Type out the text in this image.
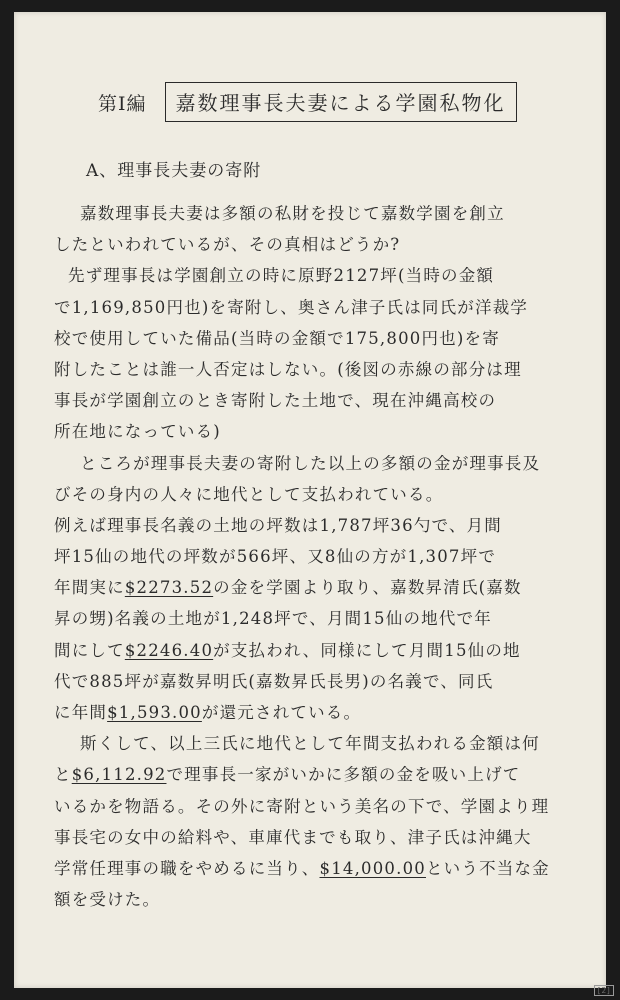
第Ⅰ編	嘉数理事長夫妻による学園私物化
A、理事長夫妻の寄附
嘉数理事長夫妻は多額の私財を投じて嘉数学園を創立
したといわれているが、その真相はどうか?
先ず理事長は学園創立の時に原野2127坪(当時の金額
で1,169,850円也)を寄附し、奥さん津子氏は同氏が洋裁学
校で使用していた備品(当時の金額で175,800円也)を寄
附したことは誰一人否定はしない。(後図の赤線の部分は理
事長が学園創立のとき寄附した土地で、現在沖縄高校の
所在地になっている)
ところが理事長夫妻の寄附した以上の多額の金が理事長及
びその身内の人々に地代として支払われている。
例えば理事長名義の土地の坪数は1,787坪36勺で、月間
坪15仙の地代の坪数が566坪、又8仙の方が1,307坪で
年間実に$2273.52の金を学園より取り、嘉数昇清氏(嘉数
昇の甥)名義の土地が1,248坪で、月間15仙の地代で年
間にして$2246.40が支払われ、同様にして月間15仙の地
代で885坪が嘉数昇明氏(嘉数昇氏長男)の名義で、同氏
に年間$1,593.00が還元されている。
斯くして、以上三氏に地代として年間支払われる金額は何
と$6,112.92で理事長一家がいかに多額の金を吸い上げて
いるかを物語る。その外に寄附という美名の下で、学園より理
事長宅の女中の給料や、車庫代までも取り、津子氏は沖縄大
学常任理事の職をやめるに当り、$14,000.00という不当な金
額を受けた。
[2]
